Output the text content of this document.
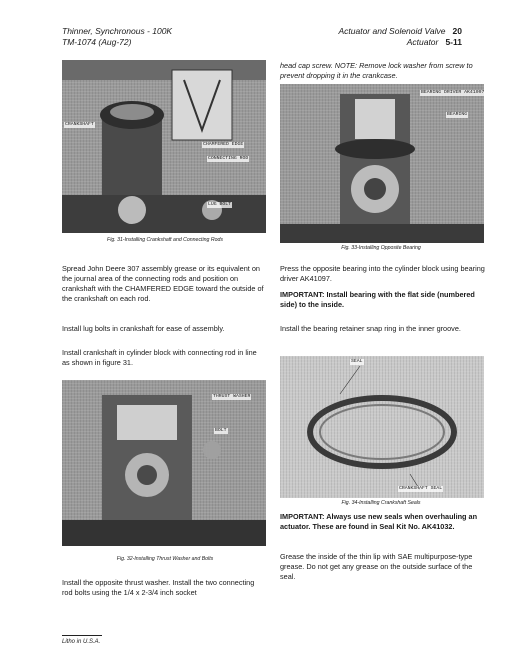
Thinner, Synchronous - 100K
TM-1074 (Aug-72)
Actuator and Solenoid Valve 20
Actuator 5-11
CRANKSHAFT
CHAMFERED EDGE
CONNECTING ROD
LUG BOLT
Fig. 31-Installing Crankshaft and Connecting Rods
Spread John Deere 307 assembly grease or its equivalent on the journal area of the connecting rods and position on crankshaft with the CHAMFERED EDGE toward the outside of the crankshaft on each rod.
Install lug bolts in crankshaft for ease of assembly.
Install crankshaft in cylinder block with connecting rod in line as shown in figure 31.
THRUST WASHER
BOLT
Fig. 32-Installing Thrust Washer and Bolts
Install the opposite thrust washer. Install the two connecting rod bolts using the 1/4 x 2-3/4 inch socket
Litho in U.S.A.
head cap screw. NOTE: Remove lock washer from screw to prevent dropping it in the crankcase.
BEARING DRIVER AK41097
BEARING
Fig. 33-Installing Opposite Bearing
Press the opposite bearing into the cylinder block using bearing driver AK41097.
IMPORTANT: Install bearing with the flat side (numbered side) to the inside.
Install the bearing retainer snap ring in the inner groove.
SEAL
CRANKSHAFT SEAL
Fig. 34-Installing Crankshaft Seals
IMPORTANT: Always use new seals when overhauling an actuator. These are found in Seal Kit No. AK41032.
Grease the inside of the thin lip with SAE multipurpose-type grease. Do not get any grease on the outside surface of the seal.
